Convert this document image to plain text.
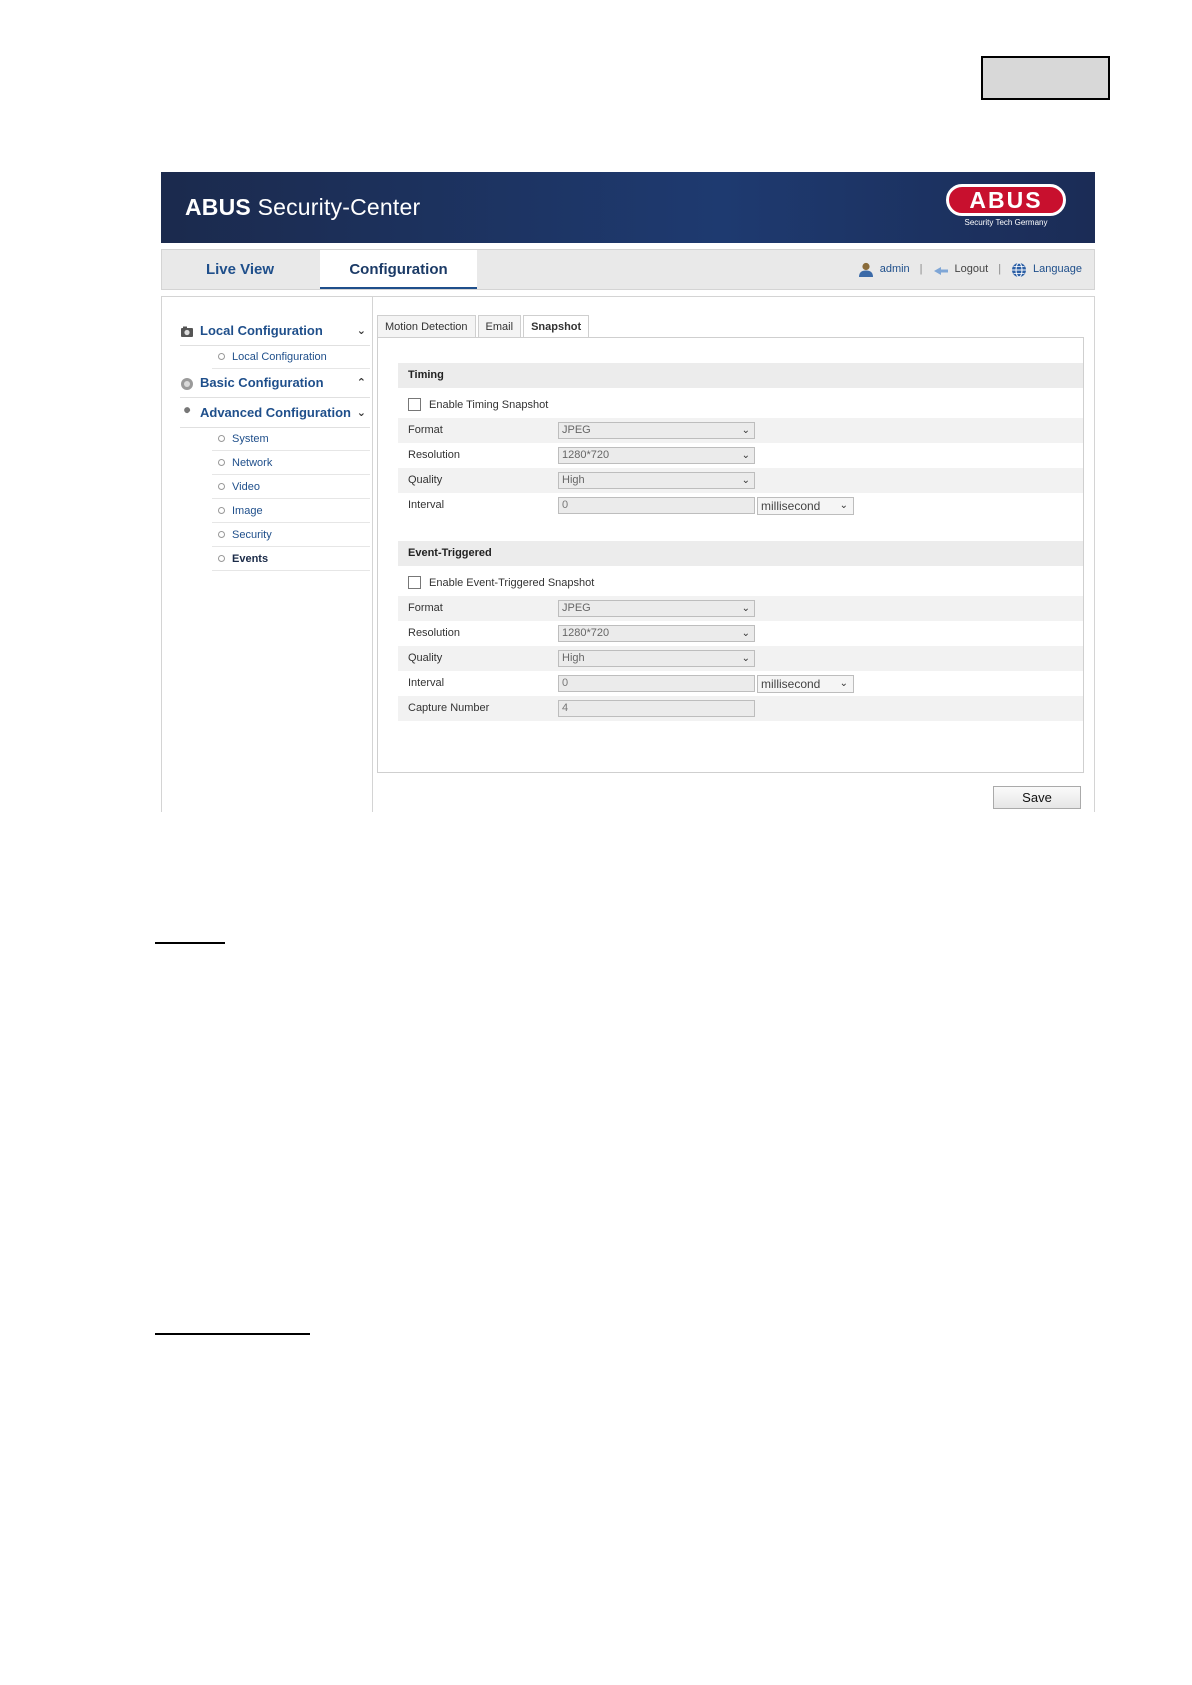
ABUS Security-Center	ABUS
Security Tech Germany
Live View	Configuration	admin |	Logout |	Language
Local Configuration	⌄
Local Configuration
Basic Configuration	⌃
Advanced Configuration ⌄
System
Network
Video
Image
Security
Events
Motion Detection	Email	Snapshot
Timing
Enable Timing Snapshot
Format	JPEG	⌄
Resolution	1280*720	⌄
Quality	High	⌄
Interval	0	millisecond ⌄
Event-Triggered
Enable Event-Triggered Snapshot
Format	JPEG	⌄
Resolution	1280*720	⌄
Quality	High	⌄
Interval	0	millisecond ⌄
Capture Number	4
Save
